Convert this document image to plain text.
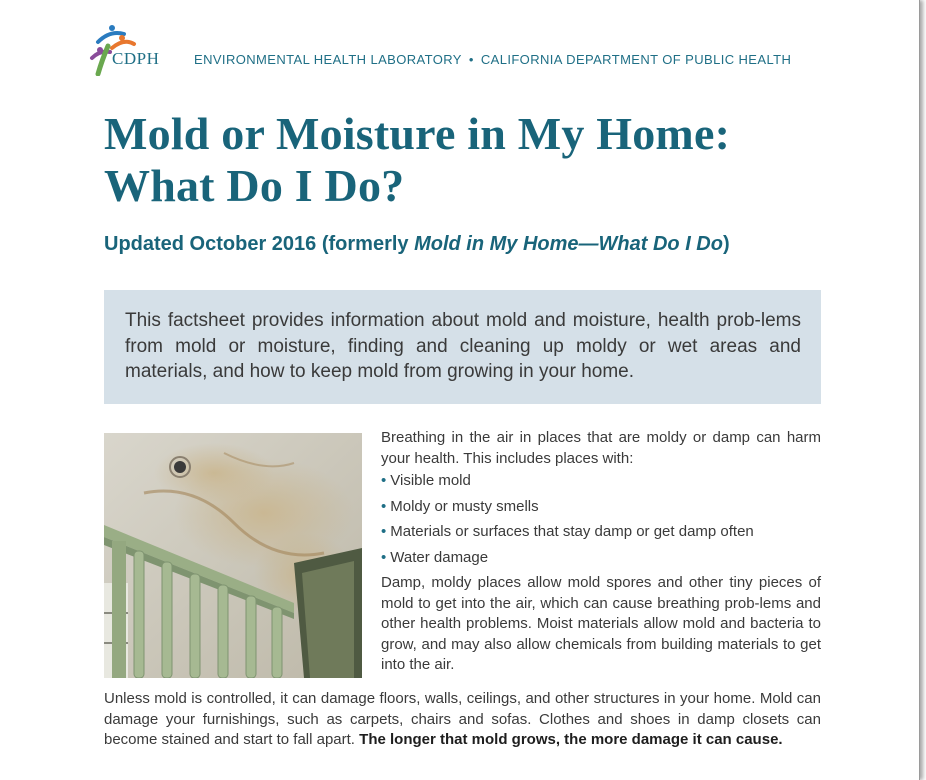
CDPH	ENVIRONMENTAL HEALTH LABORATORY • CALIFORNIA DEPARTMENT OF PUBLIC HEALTH
Mold or Moisture in My Home:
What Do I Do?
Updated October 2016 (formerly Mold in My Home—What Do I Do)
This factsheet provides information about mold and moisture, health prob-lems from mold or moisture, finding and cleaning up moldy or wet areas and materials, and how to keep mold from growing in your home.

Breathing in the air in places that are moldy or damp can harm your health. This includes places with:

• Visible mold
• Moldy or musty smells
• Materials or surfaces that stay damp or get damp often
• Water damage

Damp, moldy places allow mold spores and other tiny pieces of mold to get into the air, which can cause breathing prob-lems and other health problems. Moist materials allow mold and bacteria to grow, and may also allow chemicals from building materials to get into the air.

Unless mold is controlled, it can damage floors, walls, ceilings, and other structures in your home. Mold can damage your furnishings, such as carpets, chairs and sofas. Clothes and shoes in damp closets can become stained and start to fall apart. The longer that mold grows, the more damage it can cause.
